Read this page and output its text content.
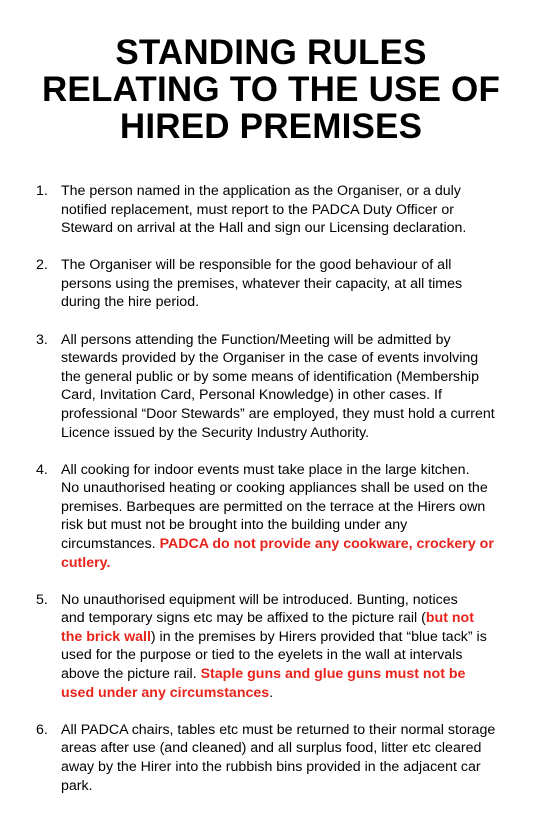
STANDING RULES
RELATING TO THE USE OF
HIRED PREMISES
1. The person named in the application as the Organiser, or a duly
notified replacement, must report to the PADCA Duty Officer or
Steward on arrival at the Hall and sign our Licensing declaration.
2. The Organiser will be responsible for the good behaviour of all
persons using the premises, whatever their capacity, at all times
during the hire period.
3. All persons attending the Function/Meeting will be admitted by
stewards provided by the Organiser in the case of events involving
the general public or by some means of identification (Membership
Card, Invitation Card, Personal Knowledge) in other cases. If
professional “Door Stewards” are employed, they must hold a current
Licence issued by the Security Industry Authority.
4. All cooking for indoor events must take place in the large kitchen.
No unauthorised heating or cooking appliances shall be used on the
premises. Barbeques are permitted on the terrace at the Hirers own
risk but must not be brought into the building under any
circumstances. PADCA do not provide any cookware, crockery or
cutlery.
5. No unauthorised equipment will be introduced. Bunting, notices
and temporary signs etc may be affixed to the picture rail (but not
the brick wall) in the premises by Hirers provided that “blue tack” is
used for the purpose or tied to the eyelets in the wall at intervals
above the picture rail. Staple guns and glue guns must not be
used under any circumstances.
6. All PADCA chairs, tables etc must be returned to their normal storage
areas after use (and cleaned) and all surplus food, litter etc cleared
away by the Hirer into the rubbish bins provided in the adjacent car
park.
